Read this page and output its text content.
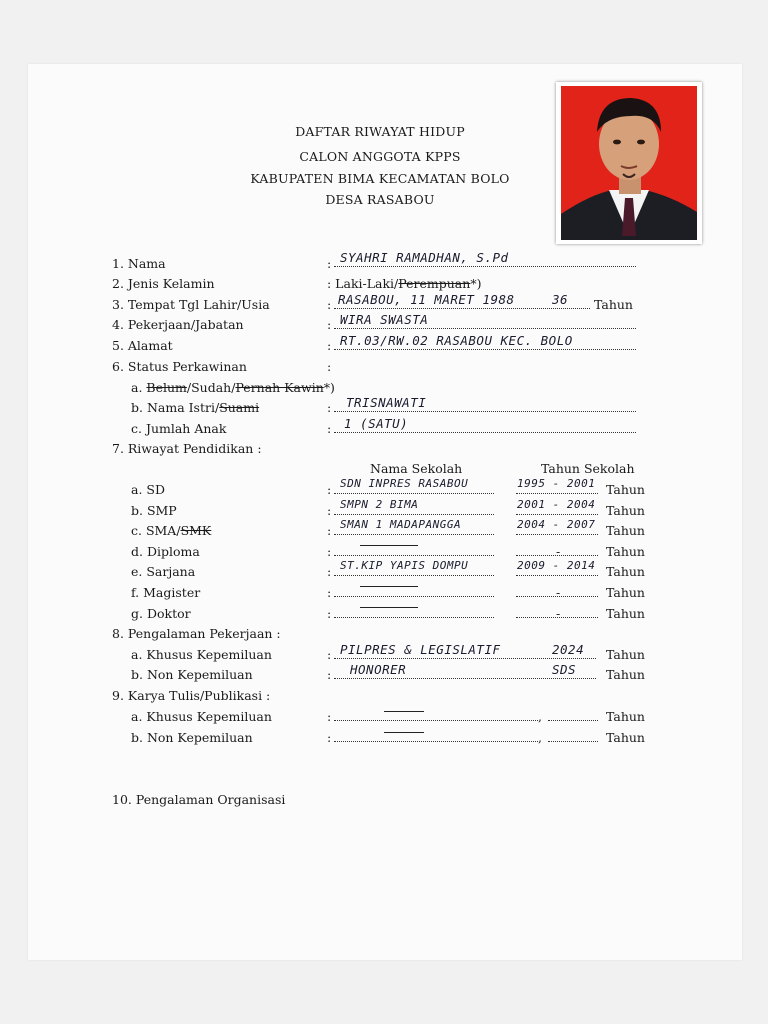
DAFTAR RIWAYAT HIDUP
CALON ANGGOTA KPPS
KABUPATEN BIMA KECAMATAN BOLO
DESA RASABOU
1. Nama	: SYAHRI RAMADHAN, S.Pd
2. Jenis Kelamin	: Laki-Laki/Perempuan*)
3. Tempat Tgl Lahir/Usia	: RASABOU, 11 MARET 1988	36 Tahun
4. Pekerjaan/Jabatan	: WIRA SWASTA
5. Alamat	: RT.03/RW.02 RASABOU KEC. BOLO
6. Status Perkawinan	:
a. Belum/Sudah/Pernah Kawin*)
b. Nama Istri/Suami	: TRISNAWATI
c. Jumlah Anak	: 1 (SATU)
7. Riwayat Pendidikan :
Nama Sekolah	Tahun Sekolah
a. SD	: SDN INPRES RASABOU	1995 - 2001 Tahun
b. SMP	: SMPN 2 BIMA	2001 - 2004 Tahun
c. SMA/SMK	: SMAN 1 MADAPANGGA	2004 - 2007 Tahun
d. Diploma	:	-	Tahun
e. Sarjana	: ST.KIP YAPIS DOMPU	2009 - 2014 Tahun
f. Magister	:	-	Tahun
g. Doktor	:	-	Tahun
8. Pengalaman Pekerjaan :
a. Khusus Kepemiluan	: PILPRES & LEGISLATIF	2024 Tahun
b. Non Kepemiluan	: HONORER	SDS Tahun
9. Karya Tulis/Publikasi :
a. Khusus Kepemiluan	:	,	Tahun
b. Non Kepemiluan	:	,	Tahun
10. Pengalaman Organisasi
